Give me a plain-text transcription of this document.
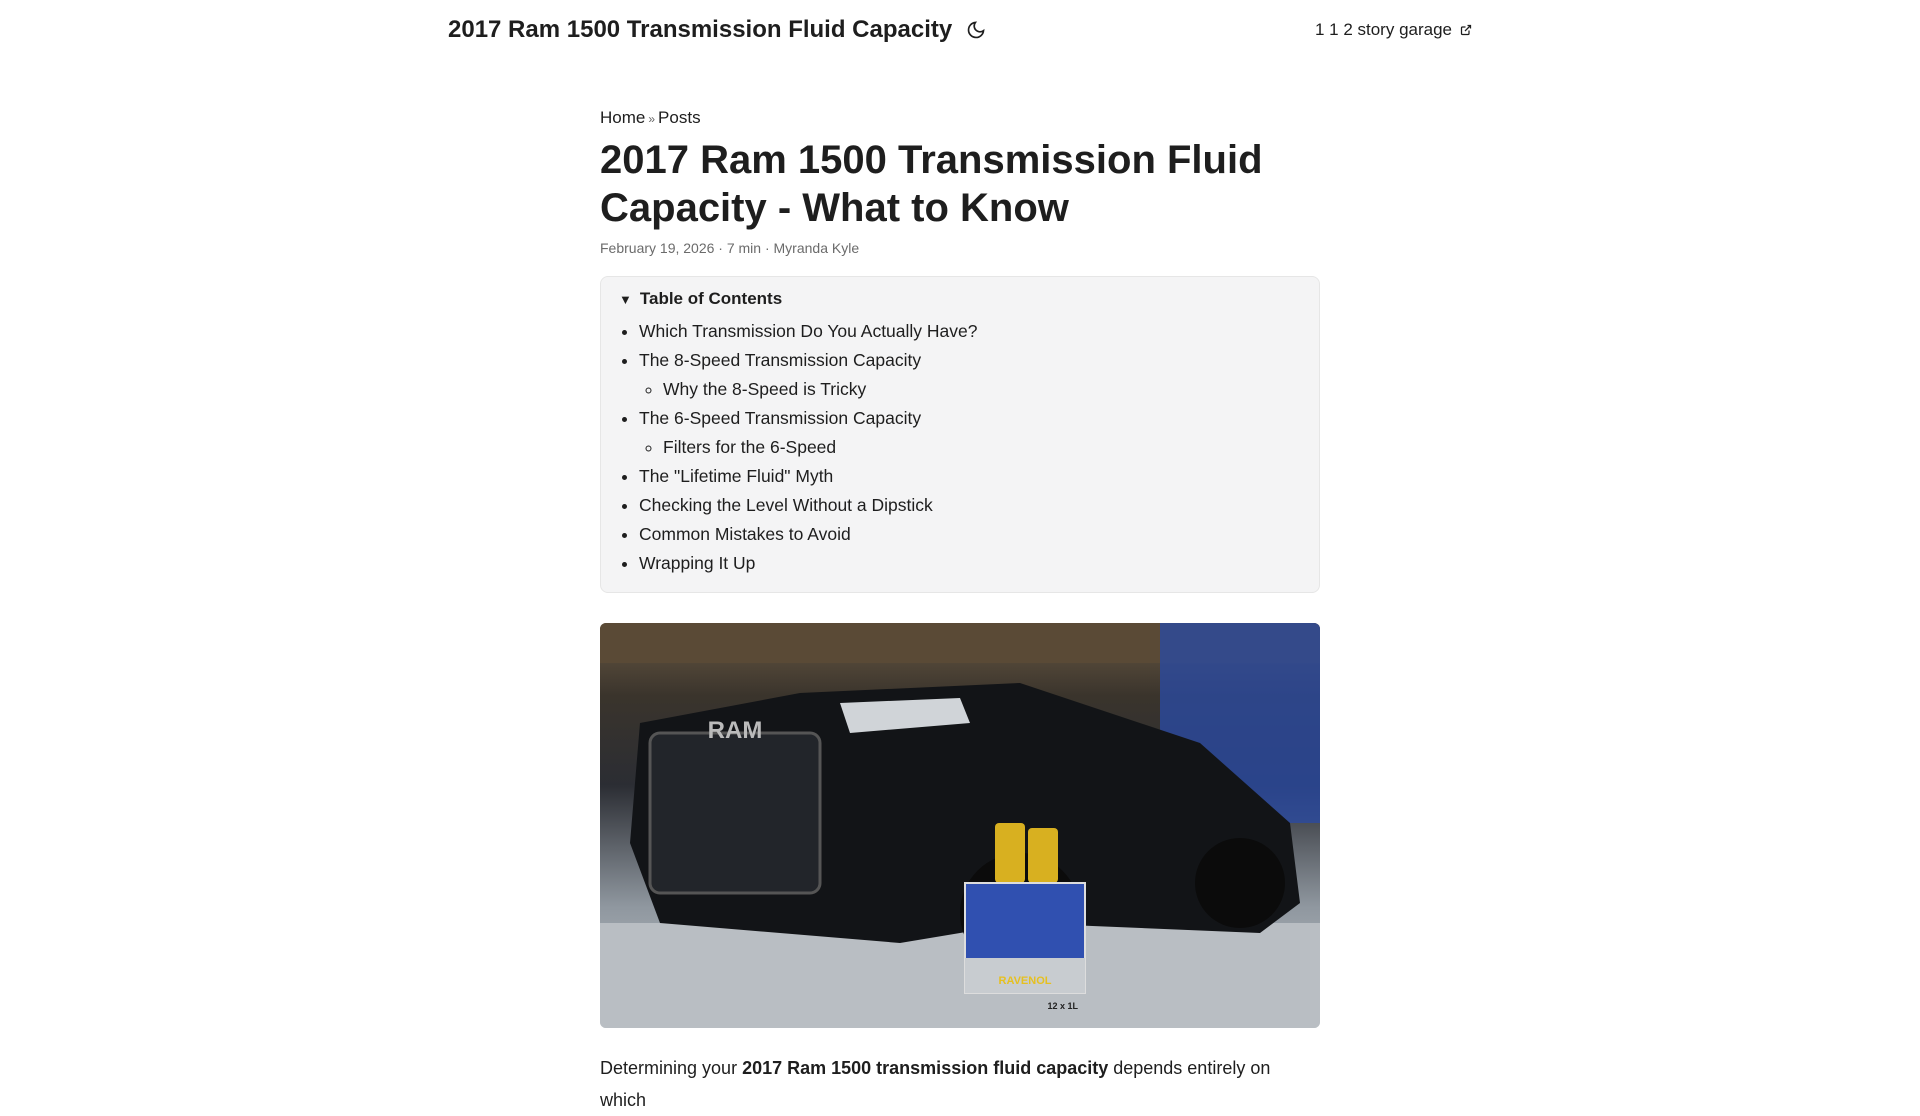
2017 Ram 1500 Transmission Fluid Capacity	1 1 2 story garage
Home » Posts
2017 Ram 1500 Transmission Fluid Capacity - What to Know
February 19, 2026 · 7 min · Myranda Kyle
▼ Table of Contents
• Which Transmission Do You Actually Have?
• The 8-Speed Transmission Capacity
◦ Why the 8-Speed is Tricky
• The 6-Speed Transmission Capacity
◦ Filters for the 6-Speed
• The "Lifetime Fluid" Myth
• Checking the Level Without a Dipstick
• Common Mistakes to Avoid
• Wrapping It Up
RAM
RAVENOL
12 x 1L

Determining your 2017 Ram 1500 transmission fluid capacity depends entirely on which
